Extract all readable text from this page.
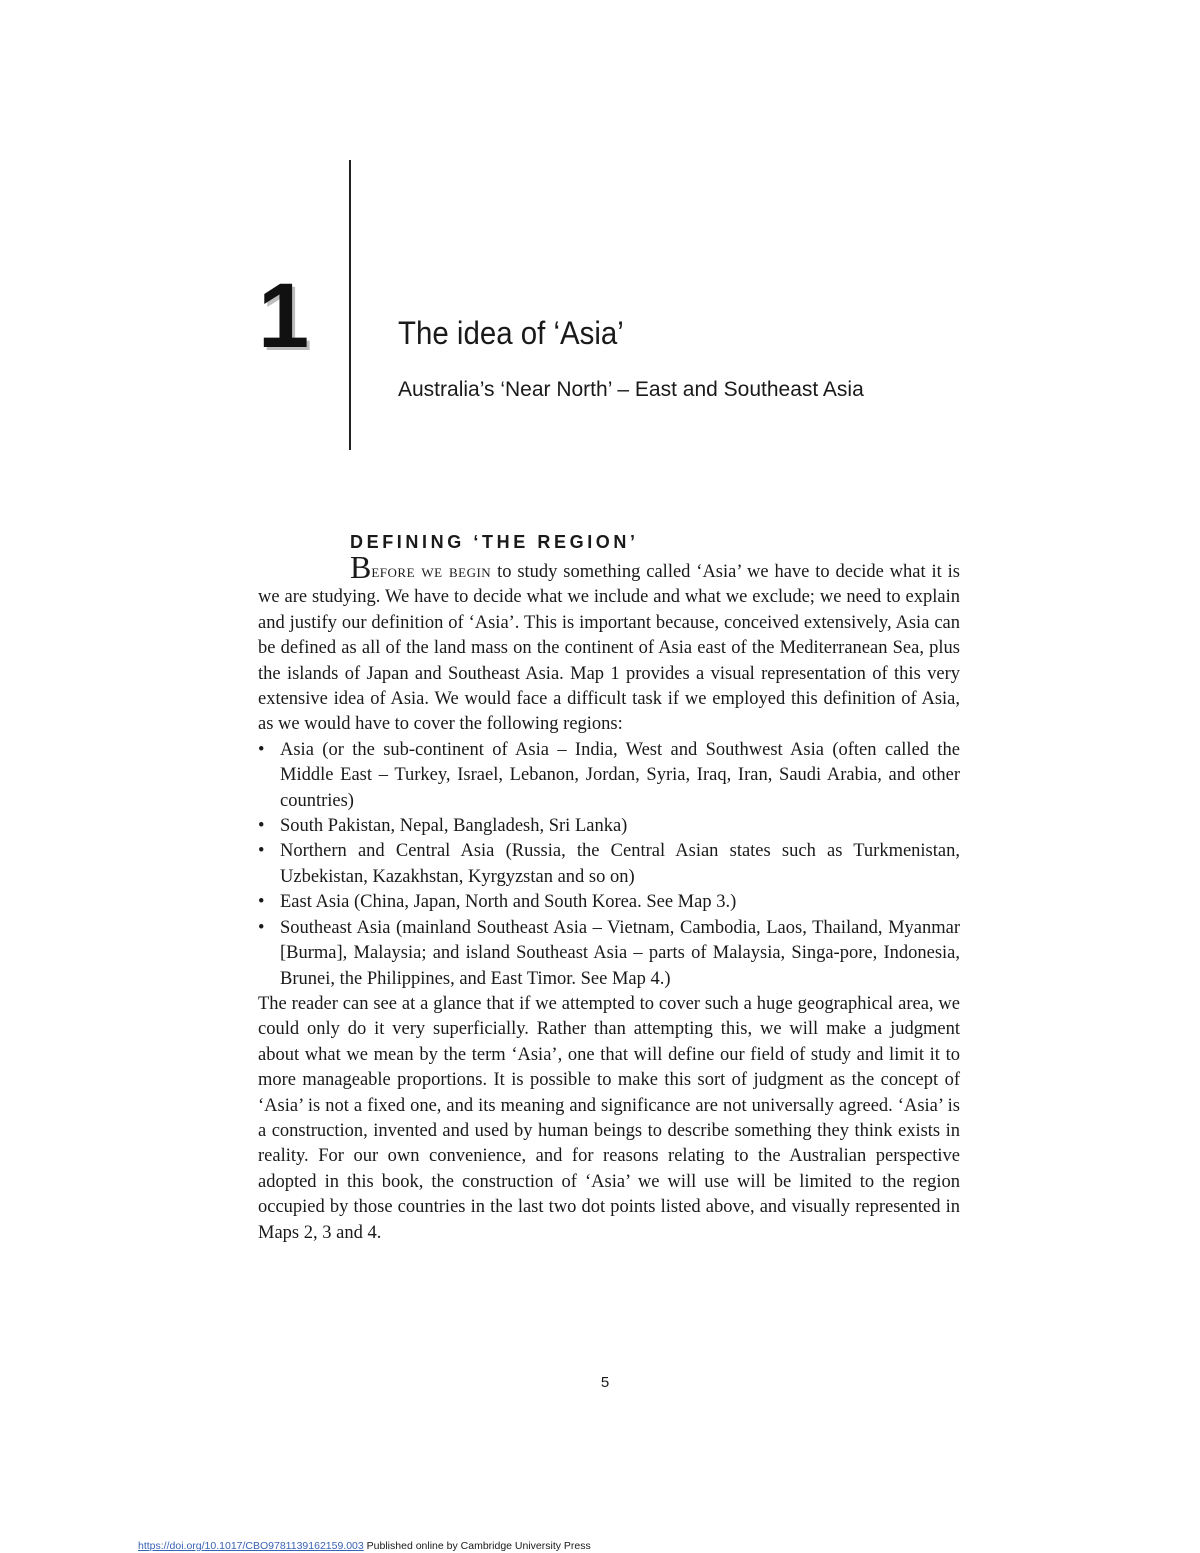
1	The idea of ‘Asia’
Australia’s ‘Near North’ – East and Southeast Asia
DEFINING ‘THE REGION’

Before we begin to study something called ‘Asia’ we have to decide what it is we are studying. We have to decide what we include and what we exclude; we need to explain and justify our definition of ‘Asia’. This is important because, conceived extensively, Asia can be defined as all of the land mass on the continent of Asia east of the Mediterranean Sea, plus the islands of Japan and Southeast Asia. Map 1 provides a visual representation of this very extensive idea of Asia. We would face a difficult task if we employed this definition of Asia, as we would have to cover the following regions:

• Asia (or the sub-continent of Asia – India, West and Southwest Asia (often called the Middle East – Turkey, Israel, Lebanon, Jordan, Syria, Iraq, Iran, Saudi Arabia, and other countries)
• South Pakistan, Nepal, Bangladesh, Sri Lanka)
• Northern and Central Asia (Russia, the Central Asian states such as Turkmenistan, Uzbekistan, Kazakhstan, Kyrgyzstan and so on)
• East Asia (China, Japan, North and South Korea. See Map 3.)
• Southeast Asia (mainland Southeast Asia – Vietnam, Cambodia, Laos, Thailand, Myanmar [Burma], Malaysia; and island Southeast Asia – parts of Malaysia, Singa-pore, Indonesia, Brunei, the Philippines, and East Timor. See Map 4.)

The reader can see at a glance that if we attempted to cover such a huge geographical area, we could only do it very superficially. Rather than attempting this, we will make a judgment about what we mean by the term ‘Asia’, one that will define our field of study and limit it to more manageable proportions. It is possible to make this sort of judgment as the concept of ‘Asia’ is not a fixed one, and its meaning and significance are not universally agreed. ‘Asia’ is a construction, invented and used by human beings to describe something they think exists in reality. For our own convenience, and for reasons relating to the Australian perspective adopted in this book, the construction of ‘Asia’ we will use will be limited to the region occupied by those countries in the last two dot points listed above, and visually represented in Maps 2, 3 and 4.

5
https://doi.org/10.1017/CBO9781139162159.003 Published online by Cambridge University Press
